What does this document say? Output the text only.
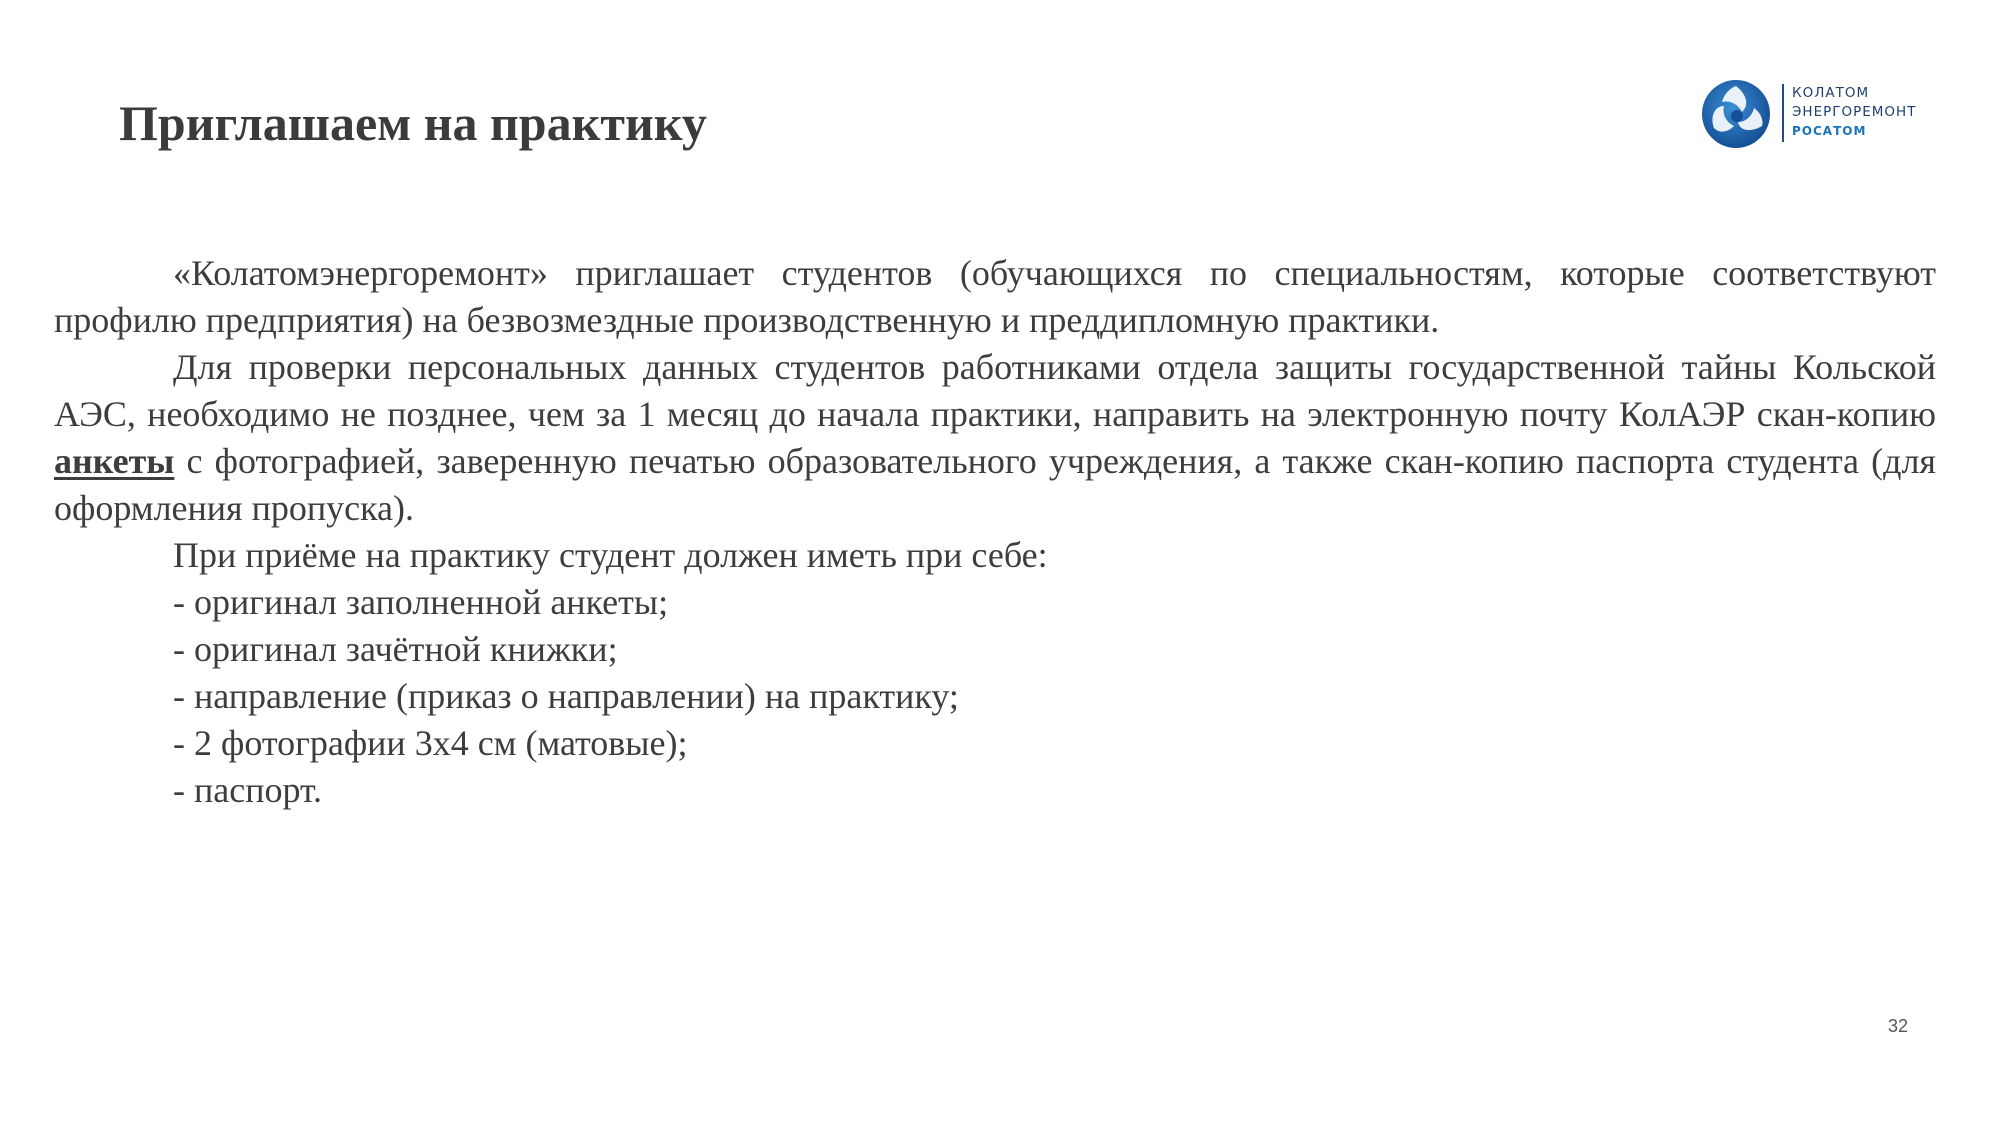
Приглашаем на практику
КОЛАТОМ
ЭНЕРГОРЕМОНТ
РОСАТОМ

«Колатомэнергоремонт» приглашает студентов (обучающихся по специальностям, которые соответствуют профилю предприятия) на безвозмездные производственную и преддипломную практики.

Для проверки персональных данных студентов работниками отдела защиты государственной тайны Кольской АЭС, необходимо не позднее, чем за 1 месяц до начала практики, направить на электронную почту КолАЭР скан-копию анкеты с фотографией, заверенную печатью образовательного учреждения, а также скан-копию паспорта студента (для оформления пропуска).

При приёме на практику студент должен иметь при себе:
- оригинал заполненной анкеты;
- оригинал зачётной книжки;
- направление (приказ о направлении) на практику;
- 2 фотографии 3х4 см (матовые);
- паспорт.
32
